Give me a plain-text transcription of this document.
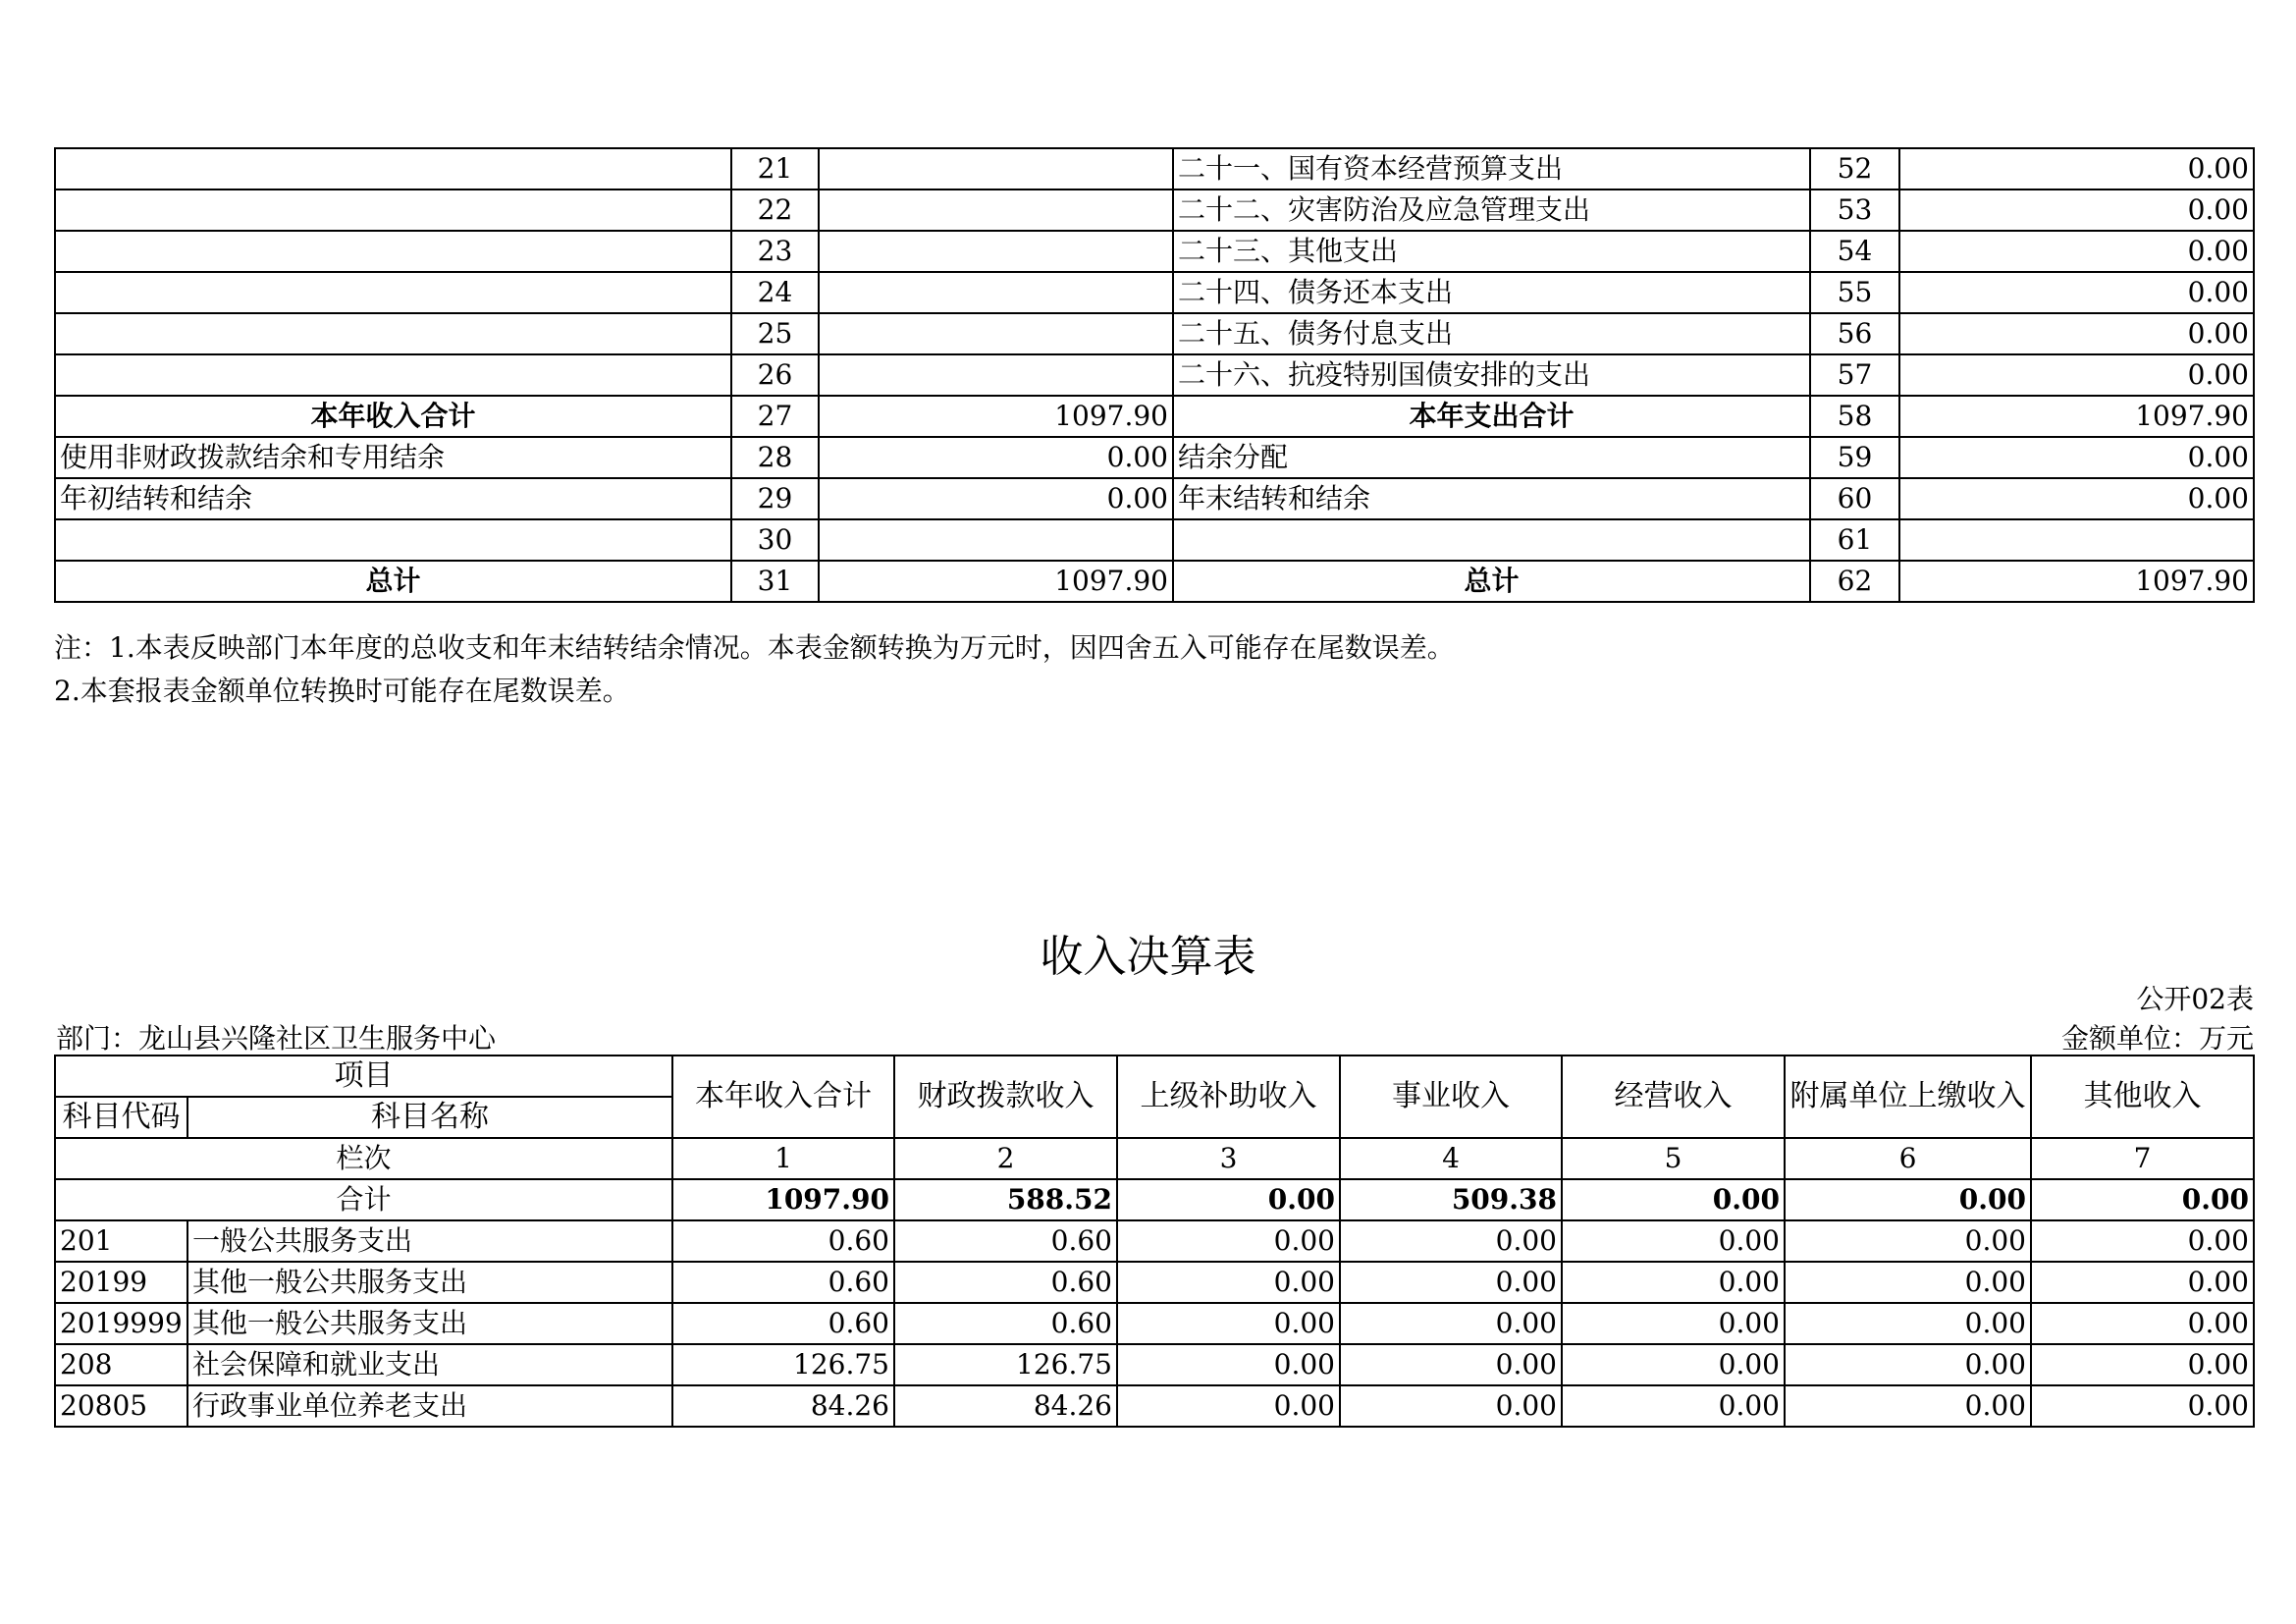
	21		二十一、国有资本经营预算支出	52	0.00
	22		二十二、灾害防治及应急管理支出	53	0.00
	23		二十三、其他支出	54	0.00
	24		二十四、债务还本支出	55	0.00
	25		二十五、债务付息支出	56	0.00
	26		二十六、抗疫特别国债安排的支出	57	0.00
本年收入合计	27	1097.90	本年支出合计	58	1097.90
使用非财政拨款结余和专用结余	28	0.00	结余分配	59	0.00
年初结转和结余	29	0.00	年末结转和结余	60	0.00
	30			61	
总计	31	1097.90	总计	62	1097.90
注：1.本表反映部门本年度的总收支和年末结转结余情况。本表金额转换为万元时，因四舍五入可能存在尾数误差。
2.本套报表金额单位转换时可能存在尾数误差。
收入决算表
公开02表
部门：龙山县兴隆社区卫生服务中心	金额单位：万元
项目		本年收入合计	财政拨款收入	上级补助收入	事业收入	经营收入	附属单位上缴收入	其他收入
科目代码	科目名称							
栏次		1	2	3	4	5	6	7
合计		1097.90	588.52	0.00	509.38	0.00	0.00	0.00
201	一般公共服务支出	0.60	0.60	0.00	0.00	0.00	0.00	0.00
20199	其他一般公共服务支出	0.60	0.60	0.00	0.00	0.00	0.00	0.00
2019999	其他一般公共服务支出	0.60	0.60	0.00	0.00	0.00	0.00	0.00
208	社会保障和就业支出	126.75	126.75	0.00	0.00	0.00	0.00	0.00
20805	行政事业单位养老支出	84.26	84.26	0.00	0.00	0.00	0.00	0.00
